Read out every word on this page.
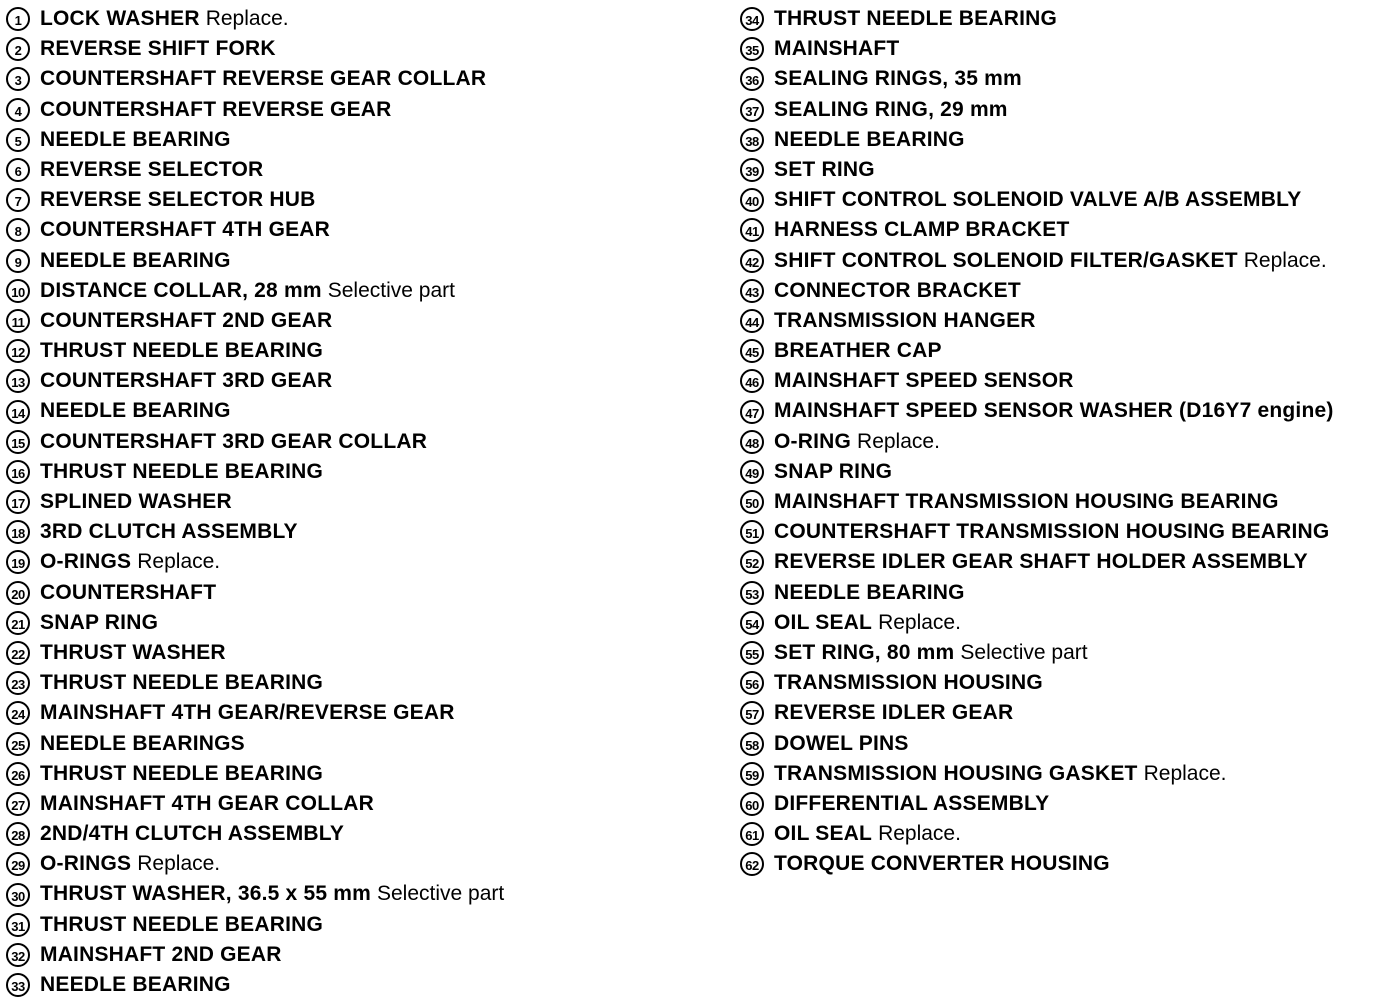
1 LOCK WASHER Replace.
2 REVERSE SHIFT FORK
3 COUNTERSHAFT REVERSE GEAR COLLAR
4 COUNTERSHAFT REVERSE GEAR
5 NEEDLE BEARING
6 REVERSE SELECTOR
7 REVERSE SELECTOR HUB
8 COUNTERSHAFT 4TH GEAR
9 NEEDLE BEARING
10 DISTANCE COLLAR, 28 mm Selective part
11 COUNTERSHAFT 2ND GEAR
12 THRUST NEEDLE BEARING
13 COUNTERSHAFT 3RD GEAR
14 NEEDLE BEARING
15 COUNTERSHAFT 3RD GEAR COLLAR
16 THRUST NEEDLE BEARING
17 SPLINED WASHER
18 3RD CLUTCH ASSEMBLY
19 O-RINGS Replace.
20 COUNTERSHAFT
21 SNAP RING
22 THRUST WASHER
23 THRUST NEEDLE BEARING
24 MAINSHAFT 4TH GEAR/REVERSE GEAR
25 NEEDLE BEARINGS
26 THRUST NEEDLE BEARING
27 MAINSHAFT 4TH GEAR COLLAR
28 2ND/4TH CLUTCH ASSEMBLY
29 O-RINGS Replace.
30 THRUST WASHER, 36.5 x 55 mm Selective part
31 THRUST NEEDLE BEARING
32 MAINSHAFT 2ND GEAR
33 NEEDLE BEARING
34 THRUST NEEDLE BEARING
35 MAINSHAFT
36 SEALING RINGS, 35 mm
37 SEALING RING, 29 mm
38 NEEDLE BEARING
39 SET RING
40 SHIFT CONTROL SOLENOID VALVE A/B ASSEMBLY
41 HARNESS CLAMP BRACKET
42 SHIFT CONTROL SOLENOID FILTER/GASKET Replace.
43 CONNECTOR BRACKET
44 TRANSMISSION HANGER
45 BREATHER CAP
46 MAINSHAFT SPEED SENSOR
47 MAINSHAFT SPEED SENSOR WASHER (D16Y7 engine)
48 O-RING Replace.
49 SNAP RING
50 MAINSHAFT TRANSMISSION HOUSING BEARING
51 COUNTERSHAFT TRANSMISSION HOUSING BEARING
52 REVERSE IDLER GEAR SHAFT HOLDER ASSEMBLY
53 NEEDLE BEARING
54 OIL SEAL Replace.
55 SET RING, 80 mm Selective part
56 TRANSMISSION HOUSING
57 REVERSE IDLER GEAR
58 DOWEL PINS
59 TRANSMISSION HOUSING GASKET Replace.
60 DIFFERENTIAL ASSEMBLY
61 OIL SEAL Replace.
62 TORQUE CONVERTER HOUSING
